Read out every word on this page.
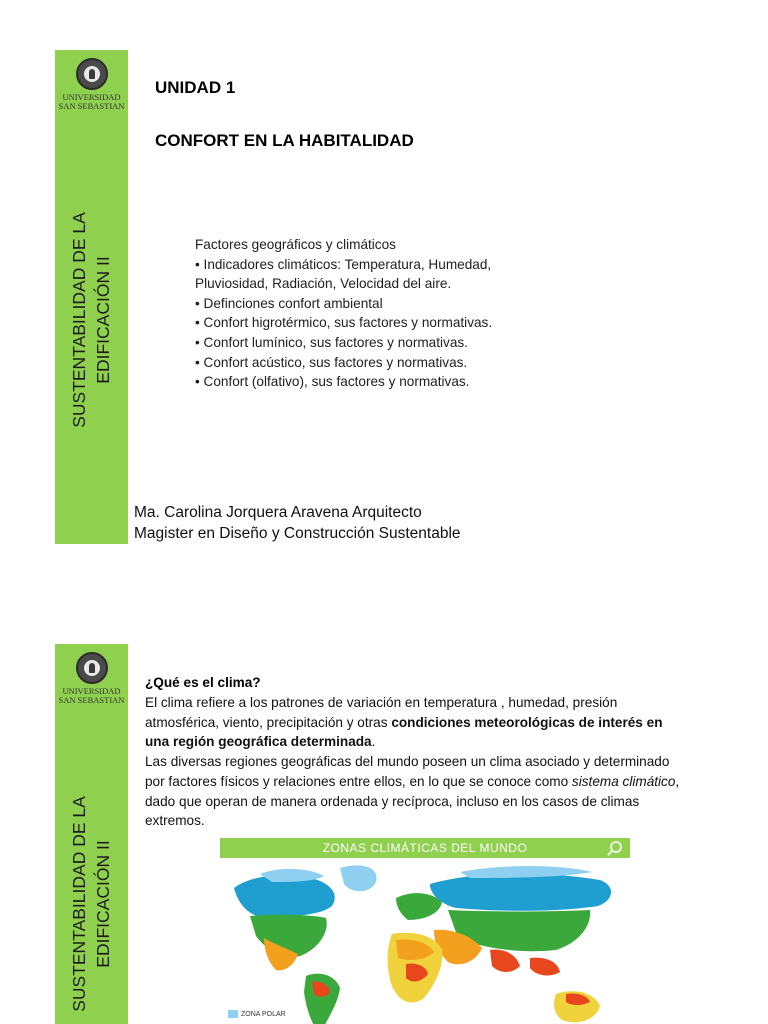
UNIVERSIDAD
SAN SEBASTIAN
SUSTENTABILIDAD DE LA EDIFICACIÓN II
UNIDAD 1
CONFORT EN LA HABITALIDAD
Factores geográficos y climáticos
• Indicadores climáticos: Temperatura, Humedad,
Pluviosidad, Radiación, Velocidad del aire.
• Definciones confort ambiental
• Confort higrotérmico, sus factores y normativas.
• Confort lumínico, sus factores y normativas.
• Confort acústico, sus factores y normativas.
• Confort (olfativo), sus factores y normativas.
Ma. Carolina Jorquera Aravena Arquitecto
Magister en Diseño y Construcción Sustentable
UNIVERSIDAD
SAN SEBASTIAN
SUSTENTABILIDAD DE LA EDIFICACIÓN II
¿Qué es el clima?
El clima refiere a los patrones de variación en temperatura , humedad, presión atmosférica, viento, precipitación y otras condiciones meteorológicas de interés en una región geográfica determinada.
Las diversas regiones geográficas del mundo poseen un clima asociado y determinado por factores físicos y relaciones entre ellos, en lo que se conoce como sistema climático, dado que operan de manera ordenada y recíproca, incluso en los casos de climas extremos.
ZONAS CLIMÁTICAS DEL MUNDO
ZONA POLAR
